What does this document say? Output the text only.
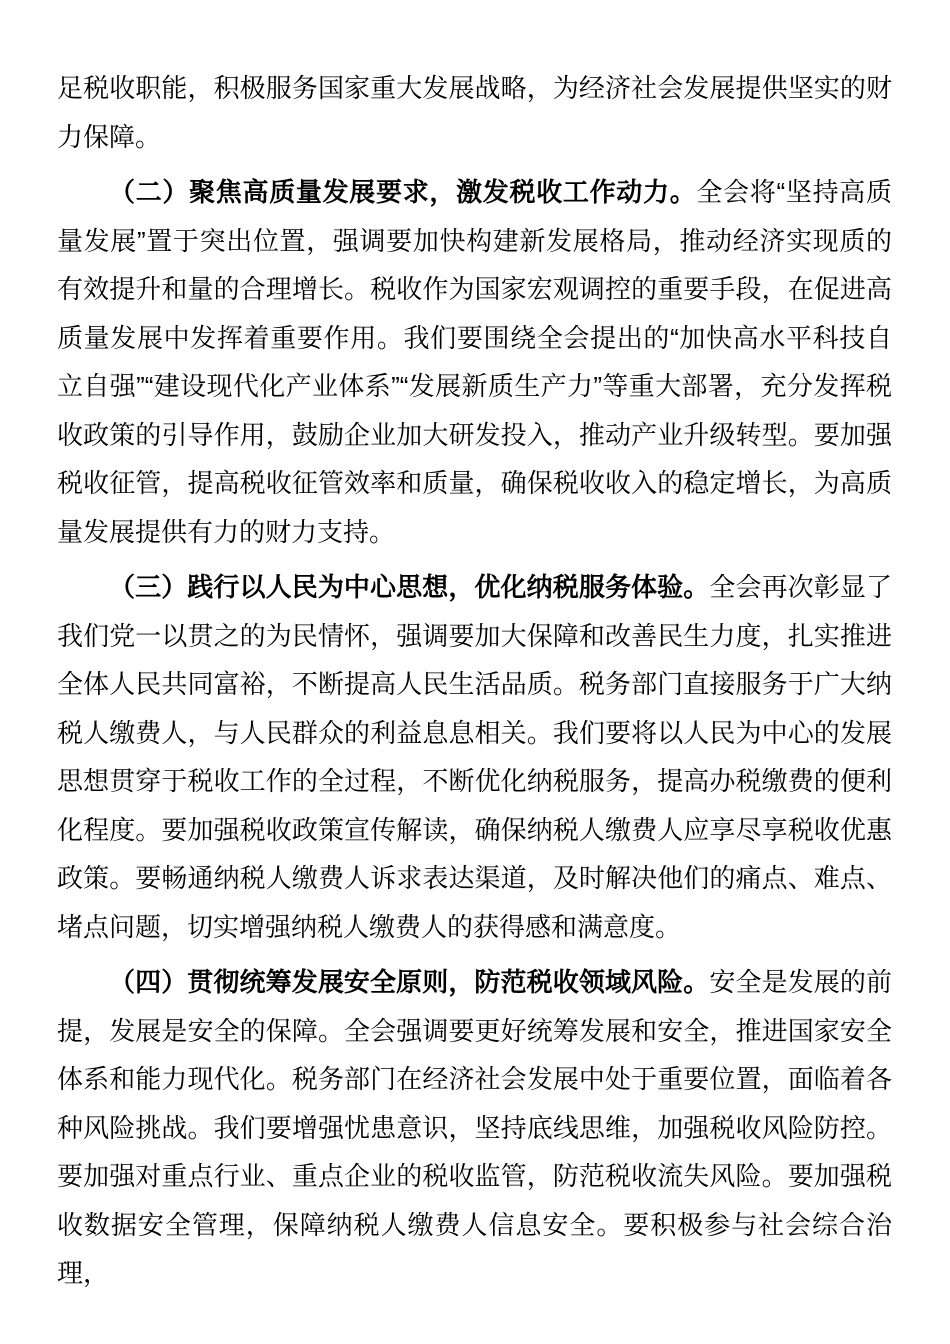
足税收职能，积极服务国家重大发展战略，为经济社会发展提供坚实的财力保障。

（二）聚焦高质量发展要求，激发税收工作动力。全会将“坚持高质量发展”置于突出位置，强调要加快构建新发展格局，推动经济实现质的有效提升和量的合理增长。税收作为国家宏观调控的重要手段，在促进高质量发展中发挥着重要作用。我们要围绕全会提出的“加快高水平科技自立自强”“建设现代化产业体系”“发展新质生产力”等重大部署，充分发挥税收政策的引导作用，鼓励企业加大研发投入，推动产业升级转型。要加强税收征管，提高税收征管效率和质量，确保税收收入的稳定增长，为高质量发展提供有力的财力支持。

（三）践行以人民为中心思想，优化纳税服务体验。全会再次彰显了我们党一以贯之的为民情怀，强调要加大保障和改善民生力度，扎实推进全体人民共同富裕，不断提高人民生活品质。税务部门直接服务于广大纳税人缴费人，与人民群众的利益息息相关。我们要将以人民为中心的发展思想贯穿于税收工作的全过程，不断优化纳税服务，提高办税缴费的便利化程度。要加强税收政策宣传解读，确保纳税人缴费人应享尽享税收优惠政策。要畅通纳税人缴费人诉求表达渠道，及时解决他们的痛点、难点、堵点问题，切实增强纳税人缴费人的获得感和满意度。

（四）贯彻统筹发展安全原则，防范税收领域风险。安全是发展的前提，发展是安全的保障。全会强调要更好统筹发展和安全，推进国家安全体系和能力现代化。税务部门在经济社会发展中处于重要位置，面临着各种风险挑战。我们要增强忧患意识，坚持底线思维，加强税收风险防控。要加强对重点行业、重点企业的税收监管，防范税收流失风险。要加强税收数据安全管理，保障纳税人缴费人信息安全。要积极参与社会综合治理，
